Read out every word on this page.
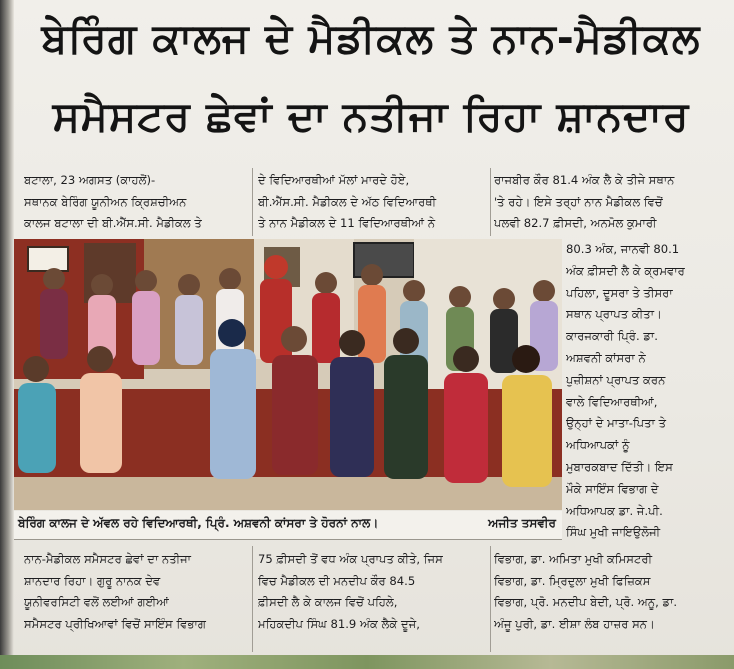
ਬੇਰਿੰਗ ਕਾਲਜ ਦੇ ਮੈਡੀਕਲ ਤੇ ਨਾਨ-ਮੈਡੀਕਲ
ਸਮੈਸਟਰ ਛੇਵਾਂ ਦਾ ਨਤੀਜਾ ਰਿਹਾ ਸ਼ਾਨਦਾਰ
ਬਟਾਲਾ, 23 ਅਗਸਤ (ਕਾਹਲੋਂ)-
ਸਥਾਨਕ ਬੇਰਿੰਗ ਯੂਨੀਅਨ ਕ੍ਰਿਸ਼ਚੀਅਨ
ਕਾਲਜ ਬਟਾਲਾ ਦੀ ਬੀ.ਐੱਸ.ਸੀ. ਮੈਡੀਕਲ ਤੇ
ਦੇ ਵਿਦਿਆਰਥੀਆਂ ਮੱਲਾਂ ਮਾਰਦੇ ਹੋਏ,
ਬੀ.ਐੱਸ.ਸੀ. ਮੈਡੀਕਲ ਦੇ ਅੱਠ ਵਿਦਿਆਰਥੀ
ਤੇ ਨਾਨ ਮੈਡੀਕਲ ਦੇ 11 ਵਿਦਿਆਰਥੀਆਂ ਨੇ
ਰਾਜਬੀਰ ਕੌਰ 81.4 ਅੰਕ ਲੈ ਕੇ ਤੀਜੇ ਸਥਾਨ
'ਤੇ ਰਹੇ। ਇਸੇ ਤਰ੍ਹਾਂ ਨਾਨ ਮੈਡੀਕਲ ਵਿਚੋਂ
ਪਲਵੀ 82.7 ਫ਼ੀਸਦੀ, ਅਨਮੋਲ ਕੁਮਾਰੀ
ਬੇਰਿੰਗ ਕਾਲਜ ਦੇ ਅੱਵਲ ਰਹੇ ਵਿਦਿਆਰਥੀ, ਪ੍ਰਿੰ. ਅਸ਼ਵਨੀ ਕਾਂਸਰਾ ਤੇ ਹੋਰਨਾਂ ਨਾਲ।	ਅਜੀਤ ਤਸਵੀਰ
80.3 ਅੰਕ, ਜਾਨਵੀ 80.1
ਅੰਕ ਫ਼ੀਸਦੀ ਲੈ ਕੇ ਕ੍ਰਮਵਾਰ
ਪਹਿਲਾ, ਦੂਸਰਾ ਤੇ ਤੀਸਰਾ
ਸਥਾਨ ਪ੍ਰਾਪਤ ਕੀਤਾ।
ਕਾਰਜਕਾਰੀ ਪ੍ਰਿੰ. ਡਾ.
ਅਸ਼ਵਨੀ ਕਾਂਸਰਾ ਨੇ
ਪੁਜ਼ੀਸ਼ਨਾਂ ਪ੍ਰਾਪਤ ਕਰਨ
ਵਾਲੇ ਵਿਦਿਆਰਥੀਆਂ,
ਉਨ੍ਹਾਂ ਦੇ ਮਾਤਾ-ਪਿਤਾ ਤੇ
ਅਧਿਆਪਕਾਂ ਨੂੰ
ਮੁਬਾਰਕਬਾਦ ਦਿੱਤੀ। ਇਸ
ਮੌਕੇ ਸਾਇੰਸ ਵਿਭਾਗ ਦੇ
ਅਧਿਆਪਕ ਡਾ. ਜੇ.ਪੀ.
ਸਿੰਘ ਮੁਖੀ ਜਾਇਉਲੋਜੀ
ਨਾਨ-ਮੈਡੀਕਲ ਸਮੈਸਟਰ ਛੇਵਾਂ ਦਾ ਨਤੀਜਾ
ਸ਼ਾਨਦਾਰ ਰਿਹਾ। ਗੁਰੂ ਨਾਨਕ ਦੇਵ
ਯੂਨੀਵਰਸਿਟੀ ਵਲੋਂ ਲਈਆਂ ਗਈਆਂ
ਸਮੈਸਟਰ ਪ੍ਰੀਖਿਆਵਾਂ ਵਿਚੋਂ ਸਾਇੰਸ ਵਿਭਾਗ
75 ਫ਼ੀਸਦੀ ਤੋਂ ਵਧ ਅੰਕ ਪ੍ਰਾਪਤ ਕੀਤੇ, ਜਿਸ
ਵਿਚ ਮੈਡੀਕਲ ਦੀ ਮਨਦੀਪ ਕੌਰ 84.5
ਫ਼ੀਸਦੀ ਲੈ ਕੇ ਕਾਲਜ ਵਿਚੋਂ ਪਹਿਲੇ,
ਮਹਿਕਦੀਪ ਸਿੰਘ 81.9 ਅੰਕ ਲੈਕੇ ਦੂਜੇ,
ਵਿਭਾਗ, ਡਾ. ਅਮਿਤਾ ਮੁਖੀ ਕਮਿਸਟਰੀ
ਵਿਭਾਗ, ਡਾ. ਮ੍ਰਿਦੁਲਾ ਮੁਖੀ ਫਿਜ਼ਿਕਸ
ਵਿਭਾਗ, ਪ੍ਰੋ. ਮਨਦੀਪ ਬੇਦੀ, ਪ੍ਰੋ. ਅਨੂ, ਡਾ.
ਅੰਜੂ ਪੁਰੀ, ਡਾ. ਈਸ਼ਾ ਲੰਬ ਹਾਜ਼ਰ ਸਨ।
